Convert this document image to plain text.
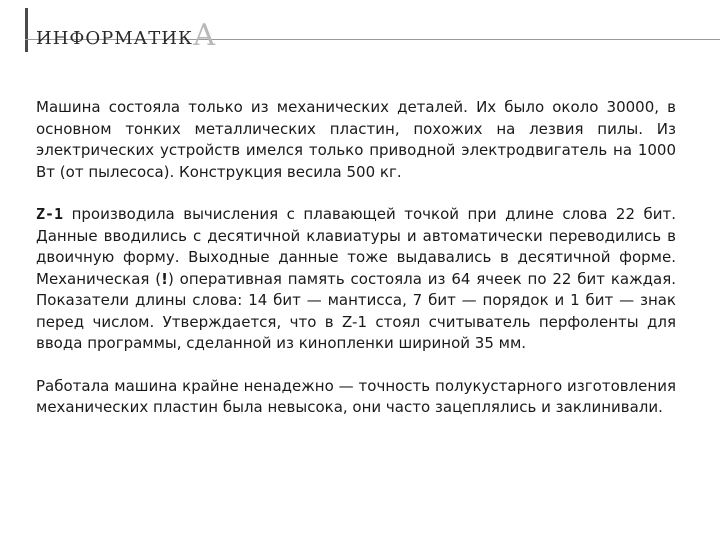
ИНФОРМАТИКА

Машина состояла только из механических деталей. Их было около 30000, в основном тонких металлических пластин, похожих на лезвия пилы. Из электрических устройств имелся только приводной электродвигатель на 1000 Вт (от пылесоса). Конструкция весила 500 кг.

Z-1 производила вычисления с плавающей точкой при длине слова 22 бит. Данные вводились с десятичной клавиатуры и автоматически переводились в двоичную форму. Выходные данные тоже выдавались в десятичной форме. Механическая (!) оперативная память состояла из 64 ячеек по 22 бит каждая. Показатели длины слова: 14 бит — мантисса, 7 бит — порядок и 1 бит — знак перед числом. Утверждается, что в Z-1 стоял считыватель перфоленты для ввода программы, сделанной из кинопленки шириной 35 мм.

Работала машина крайне ненадежно — точность полукустарного изготовления механических пластин была невысока, они часто зацеплялись и заклинивали.
